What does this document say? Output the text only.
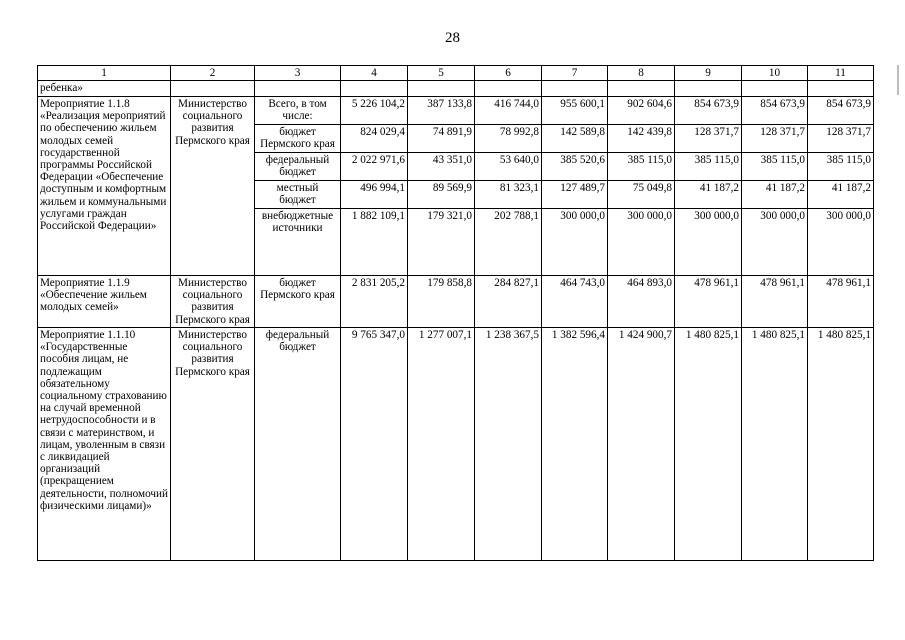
28
1	2	3	4	5	6	7	8	9	10	11
ребенка»										
Мероприятие 1.1.8 «Реализация мероприятий по обеспечению жильем молодых семей государственной программы Российской Федерации «Обеспечение доступным и комфортным жильем и коммунальными услугами граждан Российской Федерации»	Министерство социального развития Пермского края	Всего, в том числе:	5 226 104,2	387 133,8	416 744,0	955 600,1	902 604,6	854 673,9	854 673,9	854 673,9
		бюджет Пермского края	824 029,4	74 891,9	78 992,8	142 589,8	142 439,8	128 371,7	128 371,7	128 371,7
		федеральный бюджет	2 022 971,6	43 351,0	53 640,0	385 520,6	385 115,0	385 115,0	385 115,0	385 115,0
		местный бюджет	496 994,1	89 569,9	81 323,1	127 489,7	75 049,8	41 187,2	41 187,2	41 187,2
		внебюджетные источники	1 882 109,1	179 321,0	202 788,1	300 000,0	300 000,0	300 000,0	300 000,0	300 000,0
Мероприятие 1.1.9 «Обеспечение жильем молодых семей»	Министерство социального развития Пермского края	бюджет Пермского края	2 831 205,2	179 858,8	284 827,1	464 743,0	464 893,0	478 961,1	478 961,1	478 961,1
Мероприятие 1.1.10 «Государственные пособия лицам, не подлежащим обязательному социальному страхованию на случай временной нетрудоспособности и в связи с материнством, и лицам, уволенным в связи с ликвидацией организаций (прекращением деятельности, полномочий физическими лицами)»	Министерство социального развития Пермского края	федеральный бюджет	9 765 347,0	1 277 007,1	1 238 367,5	1 382 596,4	1 424 900,7	1 480 825,1	1 480 825,1	1 480 825,1
